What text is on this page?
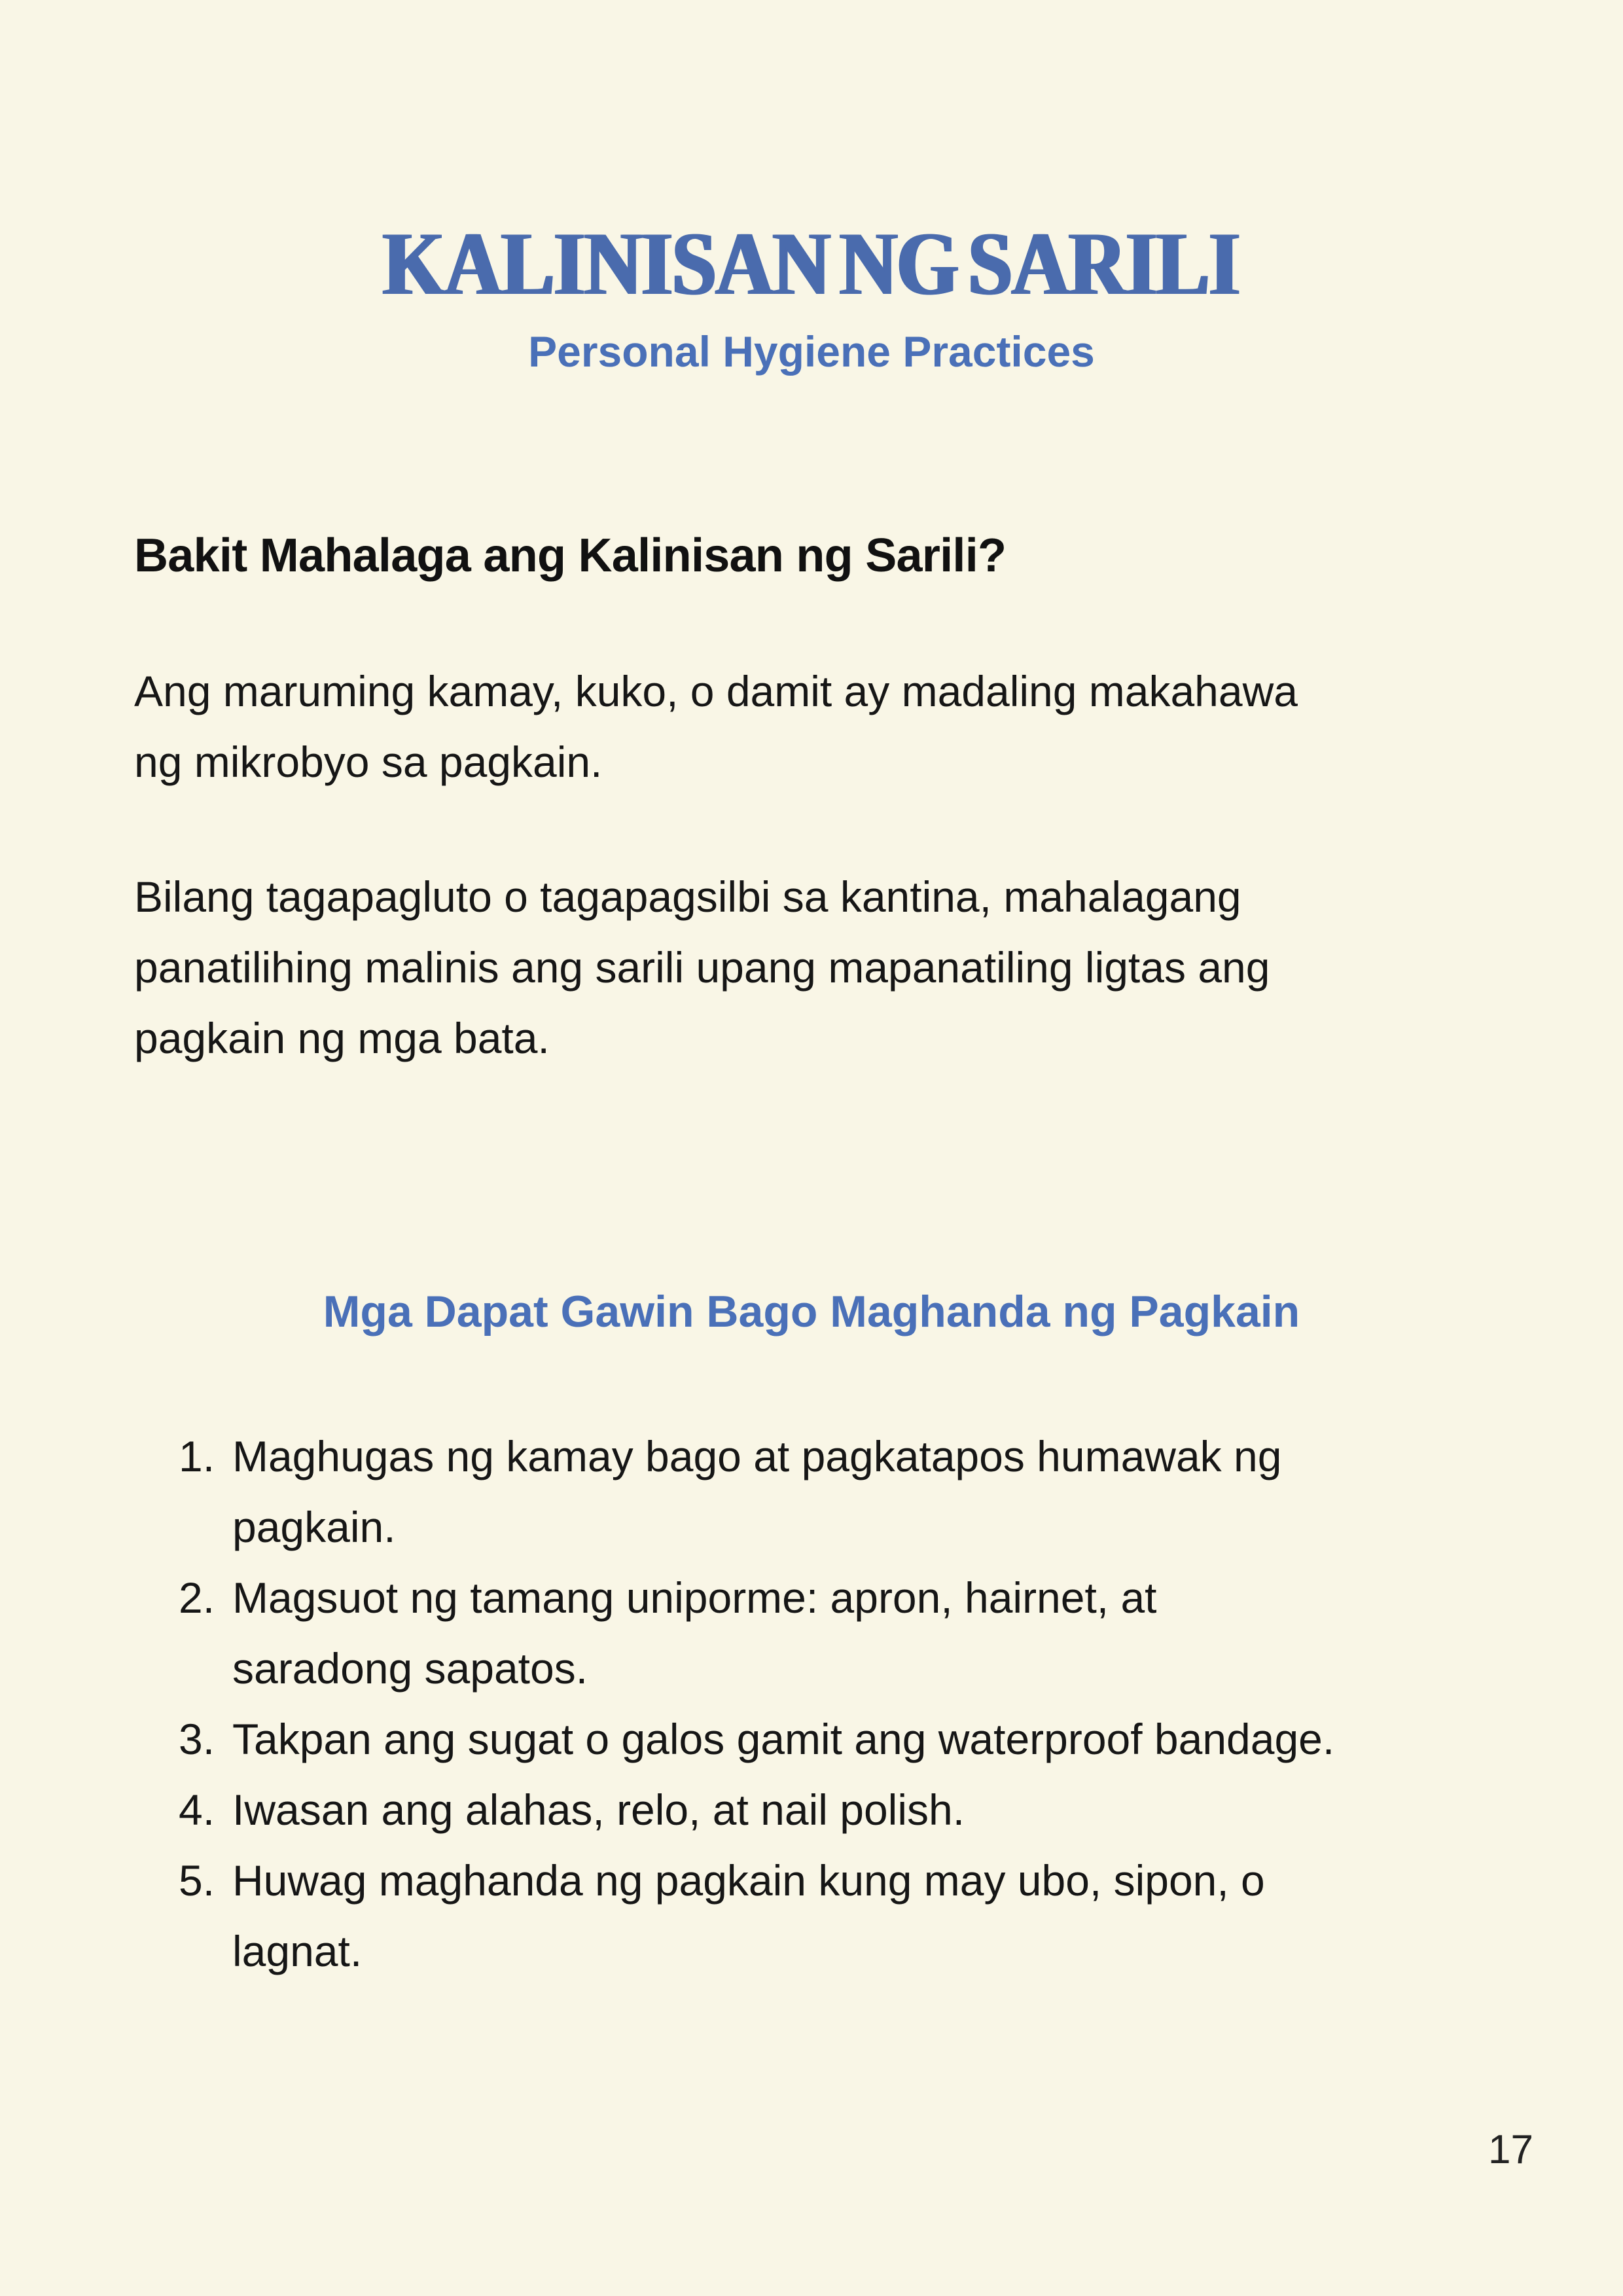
KALINISAN NG SARILI
Personal Hygiene Practices
Bakit Mahalaga ang Kalinisan ng Sarili?

Ang maruming kamay, kuko, o damit ay madaling makahawa ng mikrobyo sa pagkain.

Bilang tagapagluto o tagapagsilbi sa kantina, mahalagang panatilihing malinis ang sarili upang mapanatiling ligtas ang pagkain ng mga bata.

Mga Dapat Gawin Bago Maghanda ng Pagkain
1. Maghugas ng kamay bago at pagkatapos humawak ng pagkain.
2. Magsuot ng tamang uniporme: apron, hairnet, at saradong sapatos.
3. Takpan ang sugat o galos gamit ang waterproof bandage.
4. Iwasan ang alahas, relo, at nail polish.
5. Huwag maghanda ng pagkain kung may ubo, sipon, o lagnat.
17
